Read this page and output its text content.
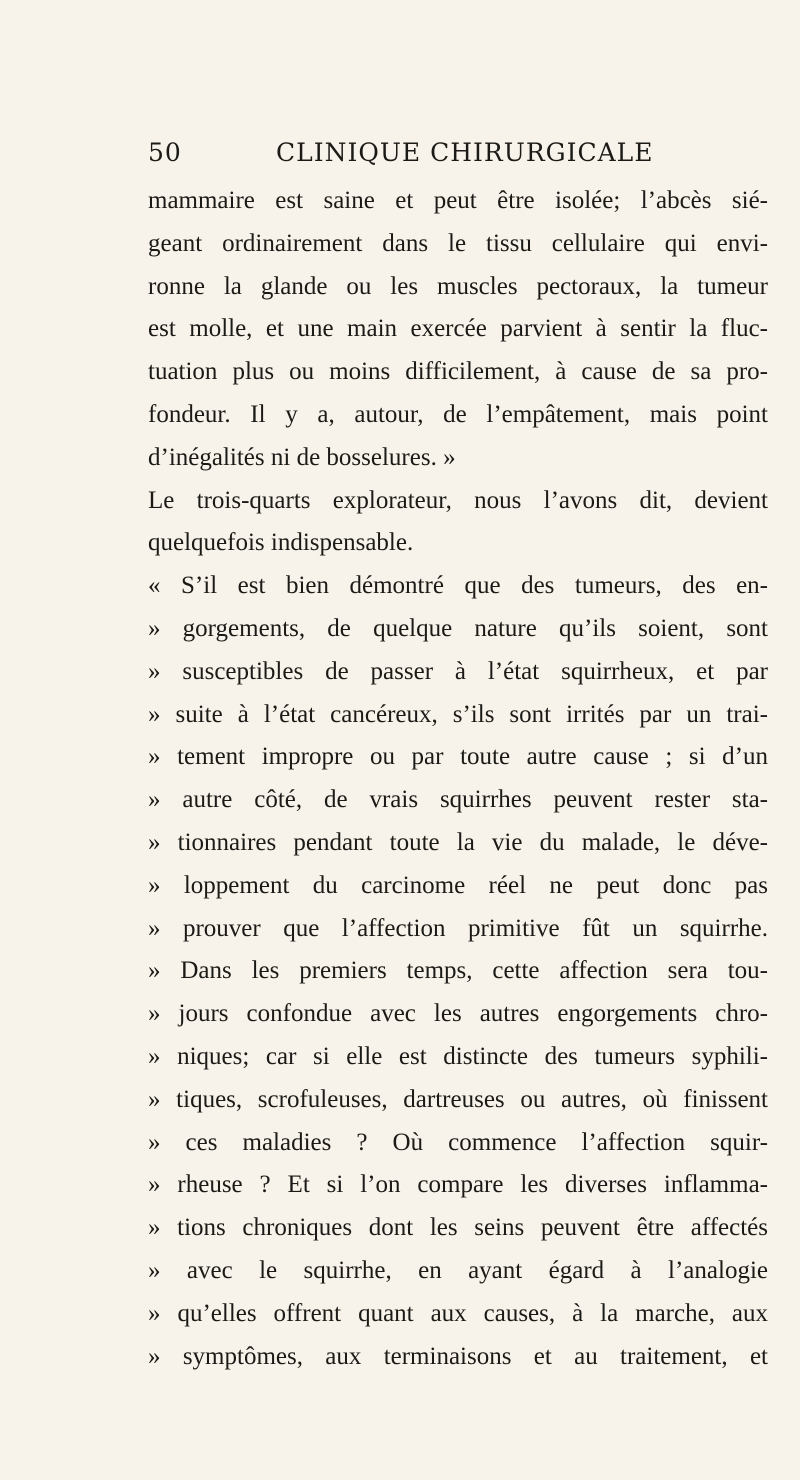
50	CLINIQUE CHIRURGICALE
mammaire est saine et peut être isolée; l’abcès sié-
geant ordinairement dans le tissu cellulaire qui envi-
ronne la glande ou les muscles pectoraux, la tumeur
est molle, et une main exercée parvient à sentir la fluc-
tuation plus ou moins difficilement, à cause de sa pro-
fondeur. Il y a, autour, de l’empâtement, mais point
d’inégalités ni de bosselures. »
Le trois-quarts explorateur, nous l’avons dit, devient
quelquefois indispensable.
« S’il est bien démontré que des tumeurs, des en-
» gorgements, de quelque nature qu’ils soient, sont
» susceptibles de passer à l’état squirrheux, et par
» suite à l’état cancéreux, s’ils sont irrités par un trai-
» tement impropre ou par toute autre cause ; si d’un
» autre côté, de vrais squirrhes peuvent rester sta-
» tionnaires pendant toute la vie du malade, le déve-
» loppement du carcinome réel ne peut donc pas
» prouver que l’affection primitive fût un squirrhe.
» Dans les premiers temps, cette affection sera tou-
» jours confondue avec les autres engorgements chro-
» niques; car si elle est distincte des tumeurs syphili-
» tiques, scrofuleuses, dartreuses ou autres, où finissent
» ces maladies ? Où commence l’affection squir-
» rheuse ? Et si l’on compare les diverses inflamma-
» tions chroniques dont les seins peuvent être affectés
» avec le squirrhe, en ayant égard à l’analogie
» qu’elles offrent quant aux causes, à la marche, aux
» symptômes, aux terminaisons et au traitement, et
